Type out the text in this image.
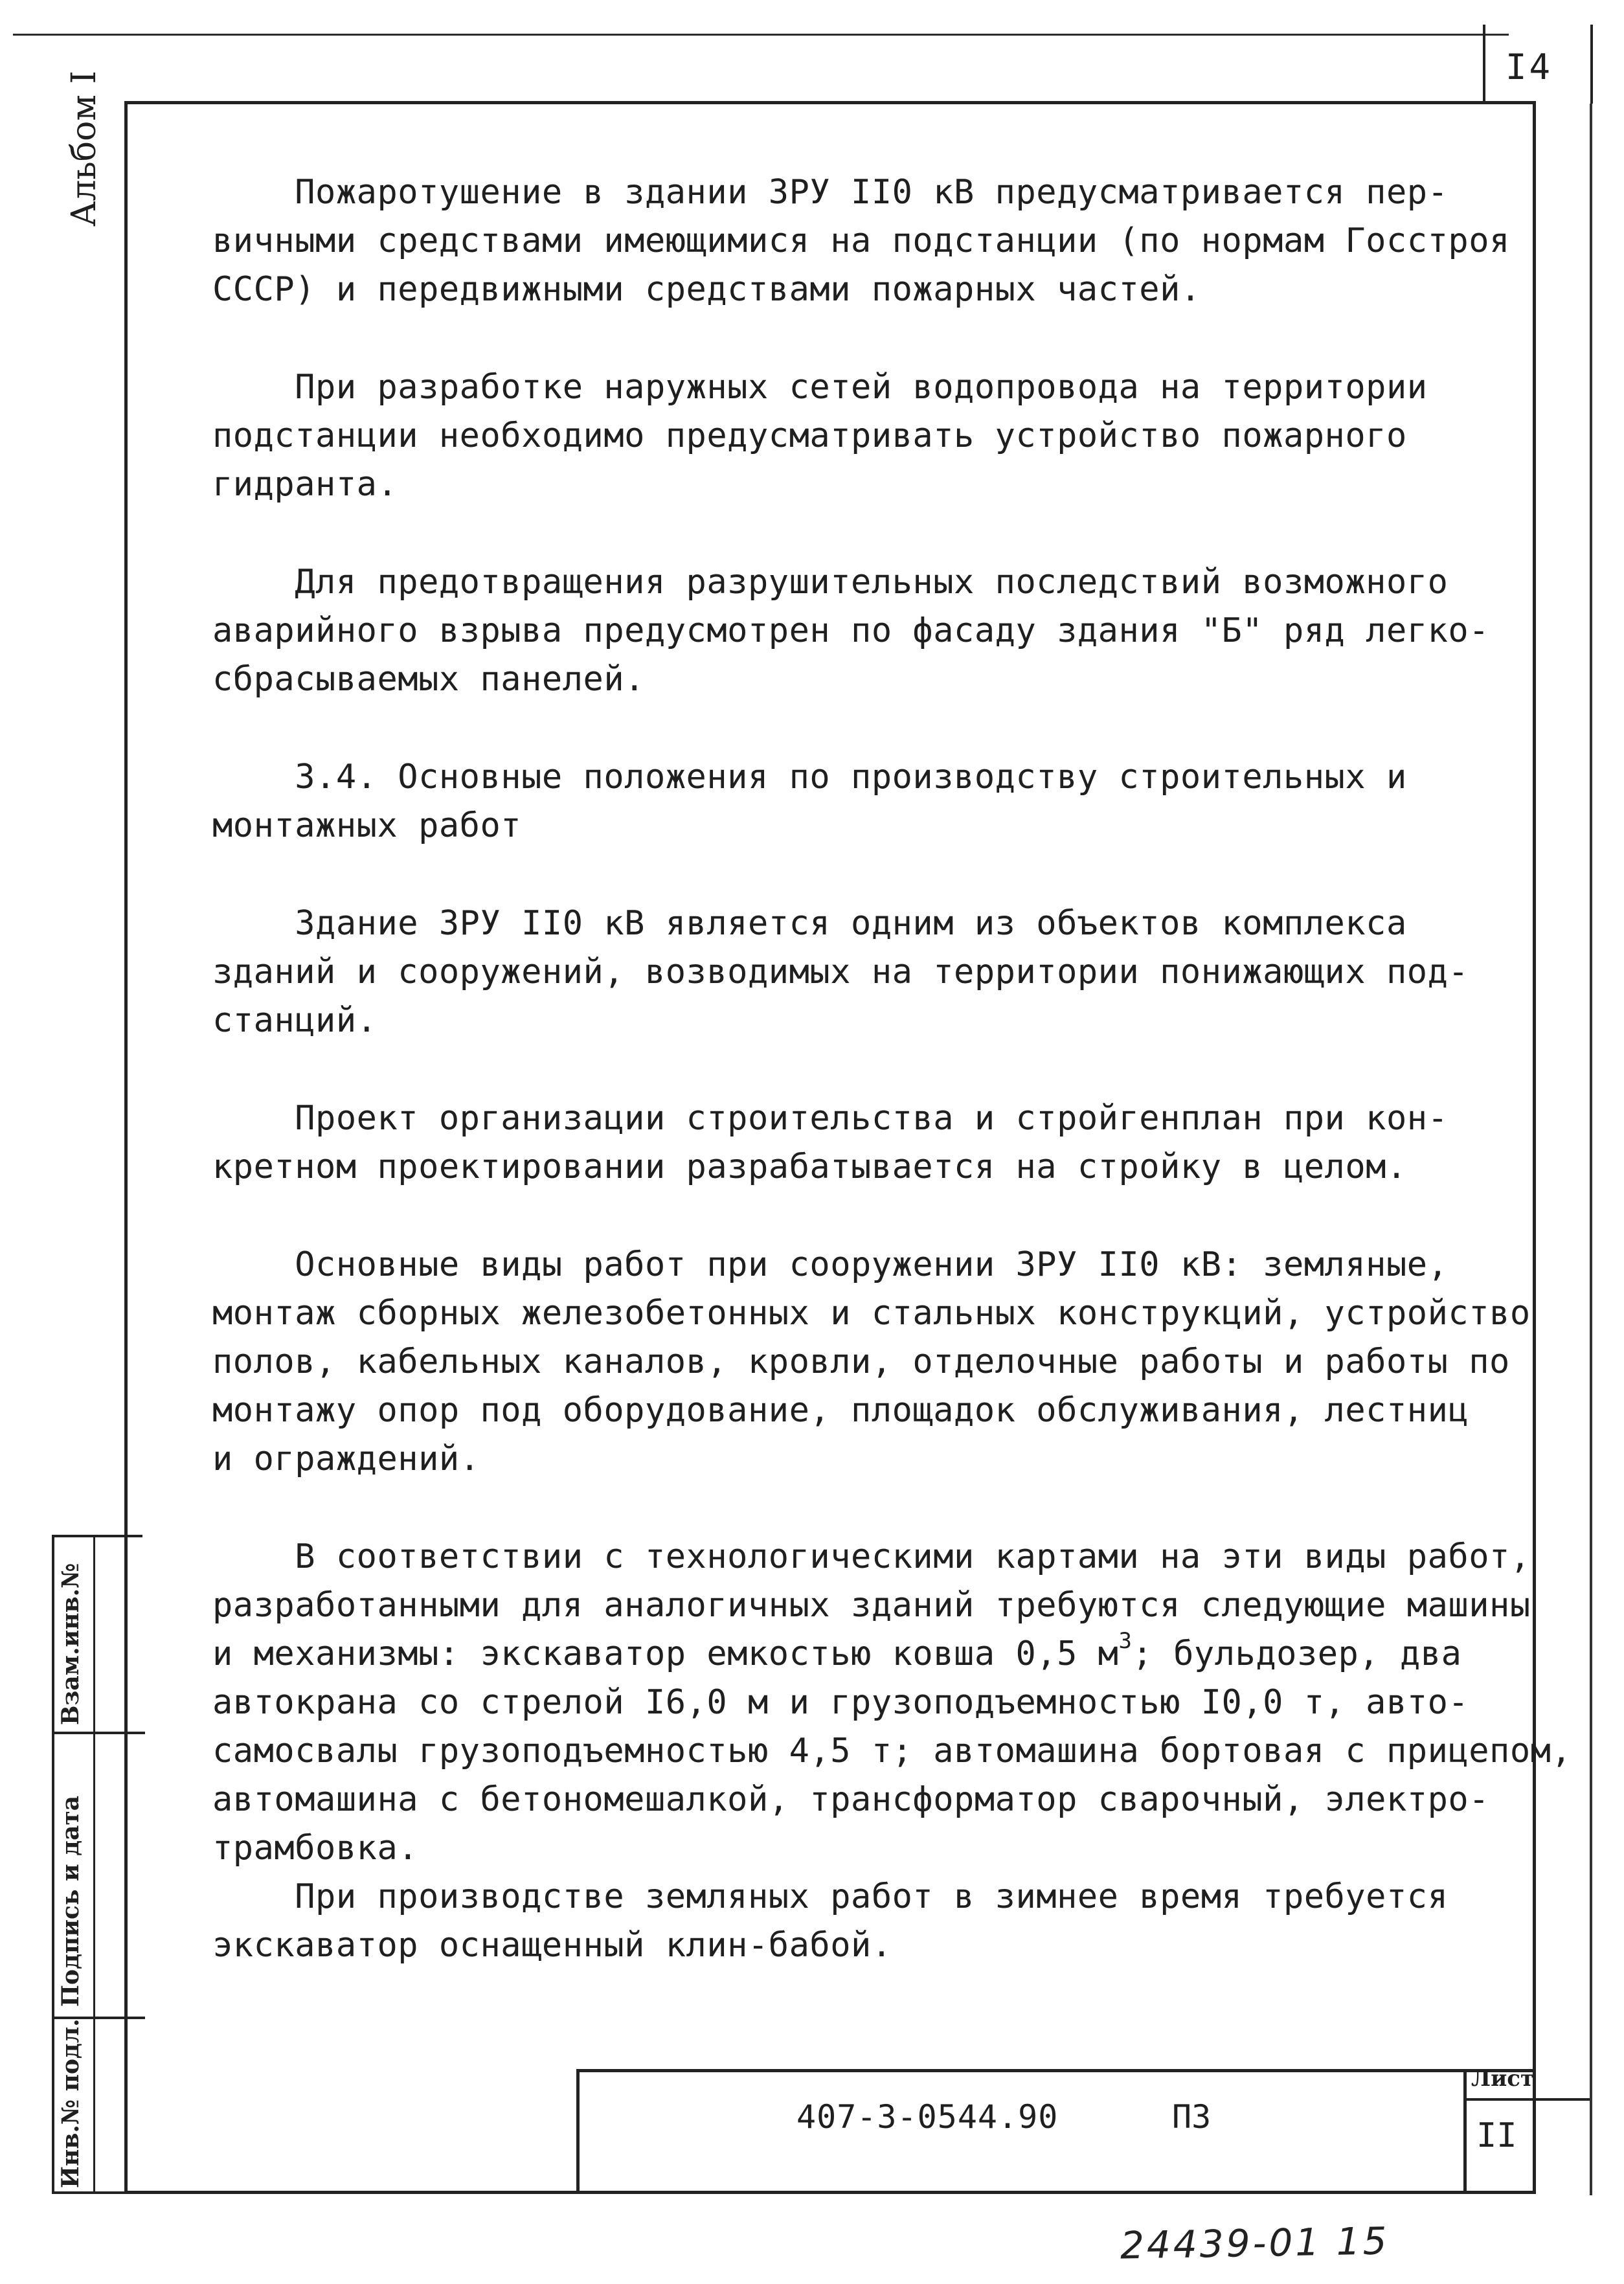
I4
Альбом I
Взам.инв.№
Подпись и дата
Инв.№ подл.

Пожаротушение в здании ЗРУ II0 кВ предусматривается пер-
вичными средствами имеющимися на подстанции (по нормам Госстроя
СССР) и передвижными средствами пожарных частей.

При разработке наружных сетей водопровода на территории
подстанции необходимо предусматривать устройство пожарного
гидранта.

Для предотвращения разрушительных последствий возможного
аварийного взрыва предусмотрен по фасаду здания "Б" ряд легко-
сбрасываемых панелей.

3.4. Основные положения по производству строительных и
монтажных работ

Здание ЗРУ II0 кВ является одним из объектов комплекса
зданий и сооружений, возводимых на территории понижающих под-
станций.

Проект организации строительства и стройгенплан при кон-
кретном проектировании разрабатывается на стройку в целом.

Основные виды работ при сооружении ЗРУ II0 кВ: земляные,
монтаж сборных железобетонных и стальных конструкций, устройство
полов, кабельных каналов, кровли, отделочные работы и работы по
монтажу опор под оборудование, площадок обслуживания, лестниц
и ограждений.

В соответствии с технологическими картами на эти виды работ,
разработанными для аналогичных зданий требуются следующие машины
и механизмы: экскаватор емкостью ковша 0,5 $м^3$; бульдозер, два
автокрана со стрелой I6,0 м и грузоподъемностью I0,0 т, авто-
самосвалы грузоподъемностью 4,5 т; автомашина бортовая с прицепом,
автомашина с бетономешалкой, трансформатор сварочный, электро-
трамбовка.

При производстве земляных работ в зимнее время требуется
экскаватор оснащенный клин-бабой.

407-3-0544.90	ПЗ
Лист
II
24439-01 15
